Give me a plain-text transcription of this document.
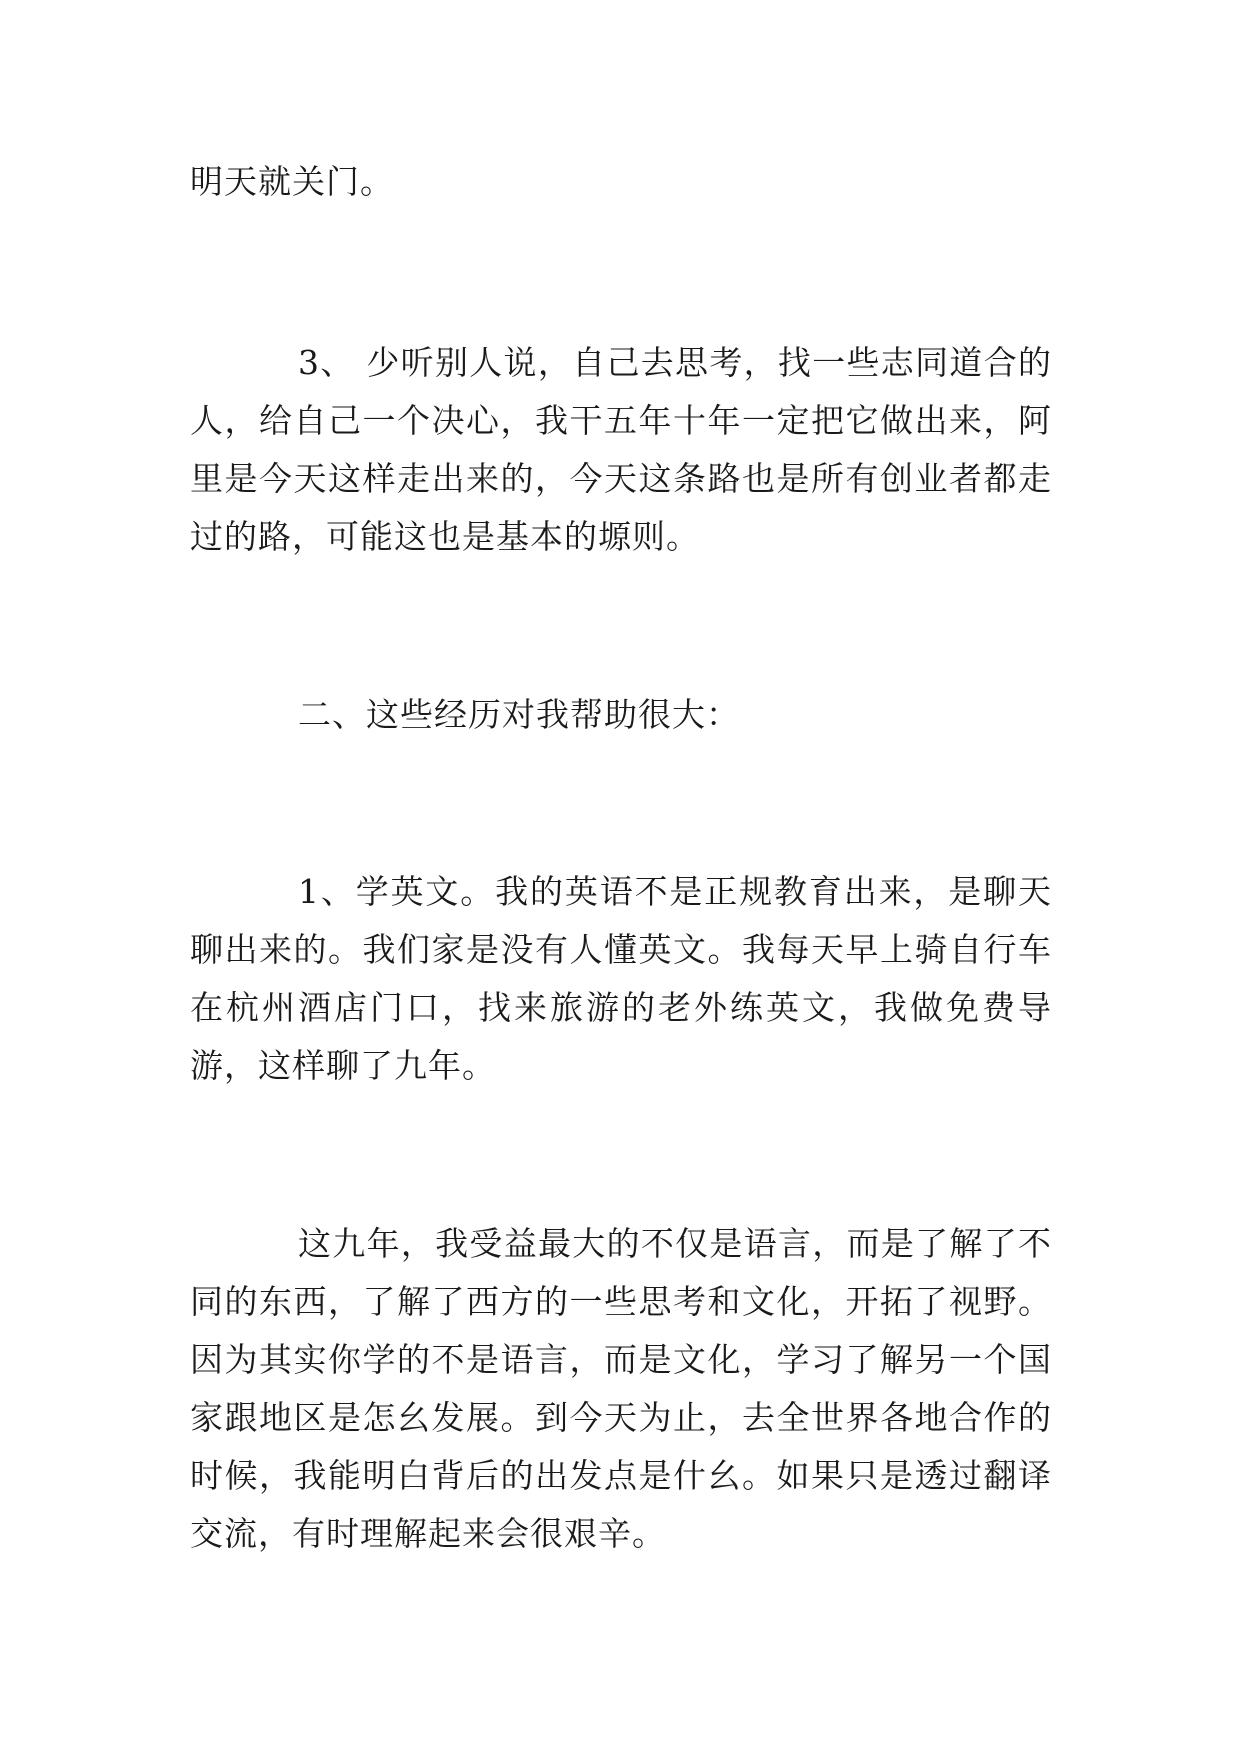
明天就关门。

3、 少听别人说，自己去思考，找一些志同道合的人，给自己一个决心，我干五年十年一定把它做出来，阿里是今天这样走出来的，今天这条路也是所有创业者都走过的路，可能这也是基本的塬则。

二、这些经历对我帮助很大：

1、学英文。我的英语不是正规教育出来，是聊天聊出来的。我们家是没有人懂英文。我每天早上骑自行车在杭州酒店门口，找来旅游的老外练英文，我做免费导游，这样聊了九年。

这九年，我受益最大的不仅是语言，而是了解了不同的东西，了解了西方的一些思考和文化，开拓了视野。因为其实你学的不是语言，而是文化，学习了解另一个国家跟地区是怎幺发展。到今天为止，去全世界各地合作的时候，我能明白背后的出发点是什幺。如果只是透过翻译交流，有时理解起来会很艰辛。
